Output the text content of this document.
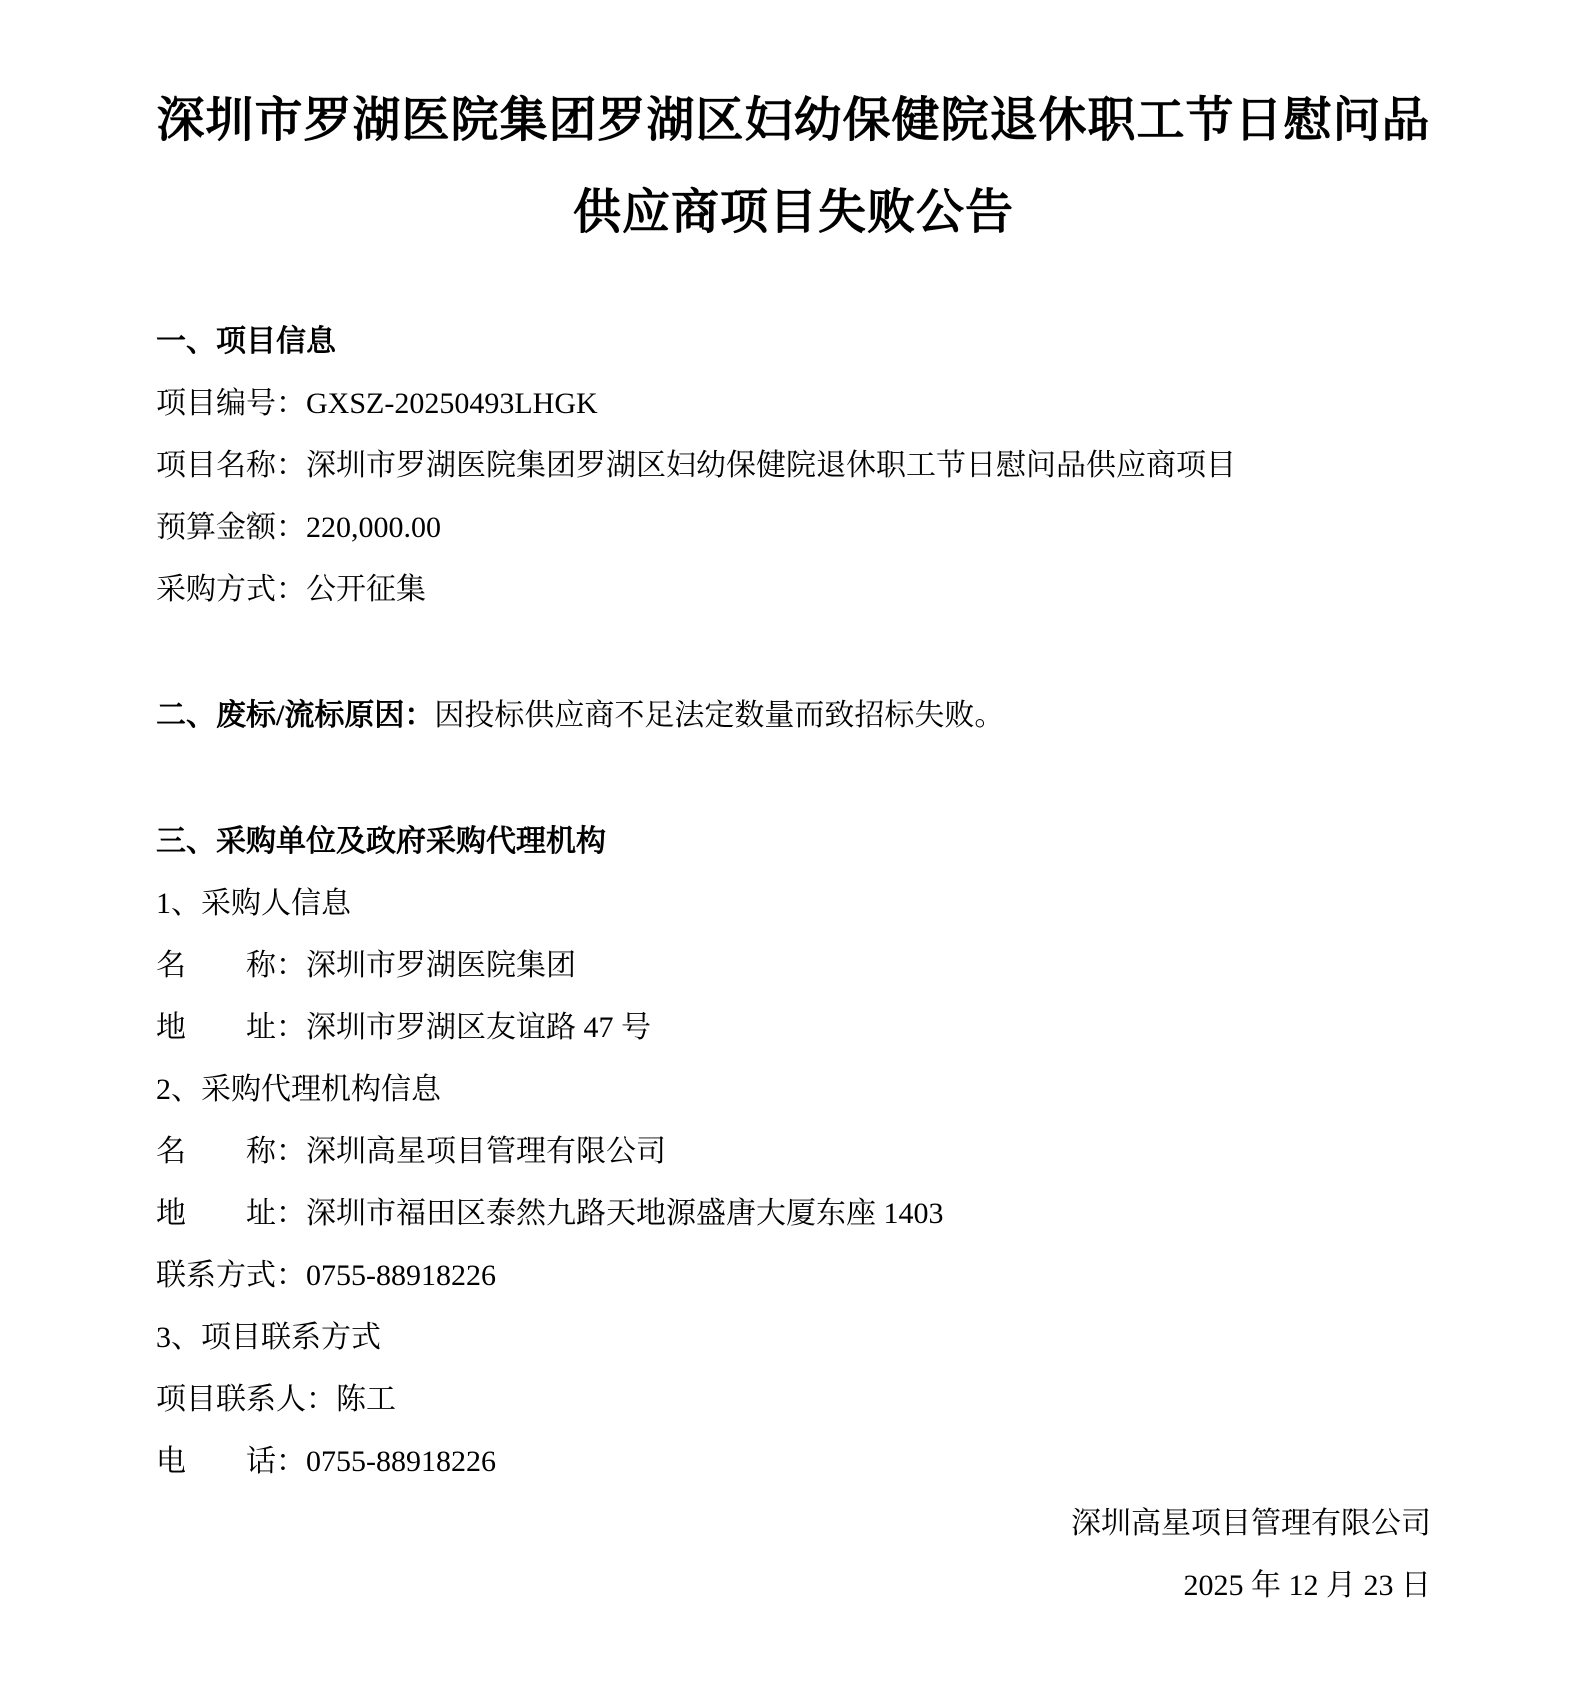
深圳市罗湖医院集团罗湖区妇幼保健院退休职工节日慰问品
供应商项目失败公告

一、项目信息

项目编号：GXSZ-20250493LHGK

项目名称：深圳市罗湖医院集团罗湖区妇幼保健院退休职工节日慰问品供应商项目

预算金额：220,000.00

采购方式：公开征集

二、废标/流标原因：因投标供应商不足法定数量而致招标失败。

三、采购单位及政府采购代理机构

1、采购人信息

名　　称：深圳市罗湖医院集团

地　　址：深圳市罗湖区友谊路 47 号

2、采购代理机构信息

名　　称：深圳高星项目管理有限公司

地　　址：深圳市福田区泰然九路天地源盛唐大厦东座 1403

联系方式：0755-88918226

3、项目联系方式

项目联系人：陈工

电　　话：0755-88918226

深圳高星项目管理有限公司

2025 年 12 月 23 日
